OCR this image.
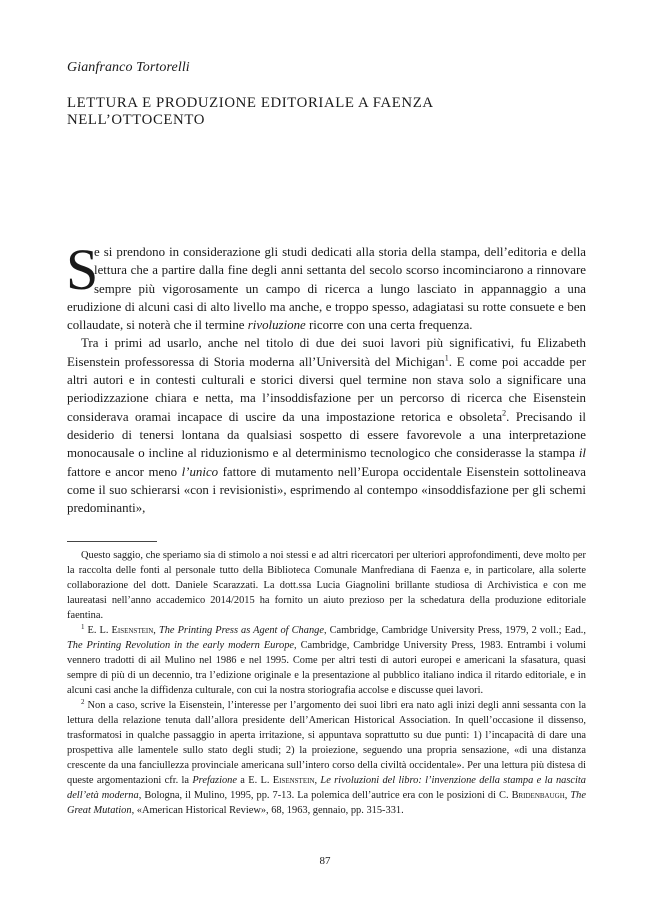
Gianfranco Tortorelli

LETTURA E PRODUZIONE EDITORIALE A FAENZA
NELL’OTTOCENTO

S
e si prendono in considerazione gli studi dedicati alla storia della stampa, dell’editoria e della lettura che a partire dalla fine degli anni settanta del secolo scorso incominciarono a rinnovare sempre più vigorosamente un campo di ricerca a lungo lasciato in appannaggio a una erudizione di alcuni casi di alto livello ma anche, e troppo spesso, adagiatasi su rotte consuete e ben collaudate, si noterà che il termine rivoluzione ricorre con una certa frequenza.

Tra i primi ad usarlo, anche nel titolo di due dei suoi lavori più significativi, fu Elizabeth Eisenstein professoressa di Storia moderna all’Università del Michigan$^1$. E come poi accadde per altri autori e in contesti culturali e storici diversi quel termine non stava solo a significare una periodizzazione chiara e netta, ma l’insoddisfazione per un percorso di ricerca che Eisenstein considerava oramai incapace di uscire da una impostazione retorica e obsoleta$^2$. Precisando il desiderio di tenersi lontana da qualsiasi sospetto di essere favorevole a una interpretazione monocausale o incline al riduzionismo e al determinismo tecnologico che considerasse la stampa il fattore e ancor meno l’unico fattore di mutamento nell’Europa occidentale Eisenstein sottolineava come il suo schierarsi «con i revisionisti», esprimendo al contempo «insoddisfazione per gli schemi predominanti»,

Questo saggio, che speriamo sia di stimolo a noi stessi e ad altri ricercatori per ulteriori approfondimenti, deve molto per la raccolta delle fonti al personale tutto della Biblioteca Comunale Manfrediana di Faenza e, in particolare, alla solerte collaborazione del dott. Daniele Scarazzati. La dott.ssa Lucia Giagnolini brillante studiosa di Archivistica e con me laureatasi nell’anno accademico 2014/2015 ha fornito un aiuto prezioso per la schedatura della produzione editoriale faentina.

$^1$ E. L. Eisenstein, The Printing Press as Agent of Change, Cambridge, Cambridge University Press, 1979, 2 voll.; Ead., The Printing Revolution in the early modern Europe, Cambridge, Cambridge University Press, 1983. Entrambi i volumi vennero tradotti di ail Mulino nel 1986 e nel 1995. Come per altri testi di autori europei e americani la sfasatura, quasi sempre di più di un decennio, tra l’edizione originale e la presentazione al pubblico italiano indica il ritardo editoriale, e in alcuni casi anche la diffidenza culturale, con cui la nostra storiografia accolse e discusse quei lavori.

$^2$ Non a caso, scrive la Eisenstein, l’interesse per l’argomento dei suoi libri era nato agli inizi degli anni sessanta con la lettura della relazione tenuta dall’allora presidente dell’American Historical Association. In quell’occasione il dissenso, trasformatosi in qualche passaggio in aperta irritazione, si appuntava soprattutto su due punti: 1) l’incapacità di dare una prospettiva alle lamentele sullo stato degli studi; 2) la proiezione, seguendo una propria sensazione, «di una distanza crescente da una fanciullezza provinciale americana sull’intero corso della civiltà occidentale». Per una lettura più distesa di queste argomentazioni cfr. la Prefazione a E. L. Eisenstein, Le rivoluzioni del libro: l’invenzione della stampa e la nascita dell’età moderna, Bologna, il Mulino, 1995, pp. 7-13. La polemica dell’autrice era con le posizioni di C. Bridenbaugh, The Great Mutation, «American Historical Review», 68, 1963, gennaio, pp. 315-331.

87
